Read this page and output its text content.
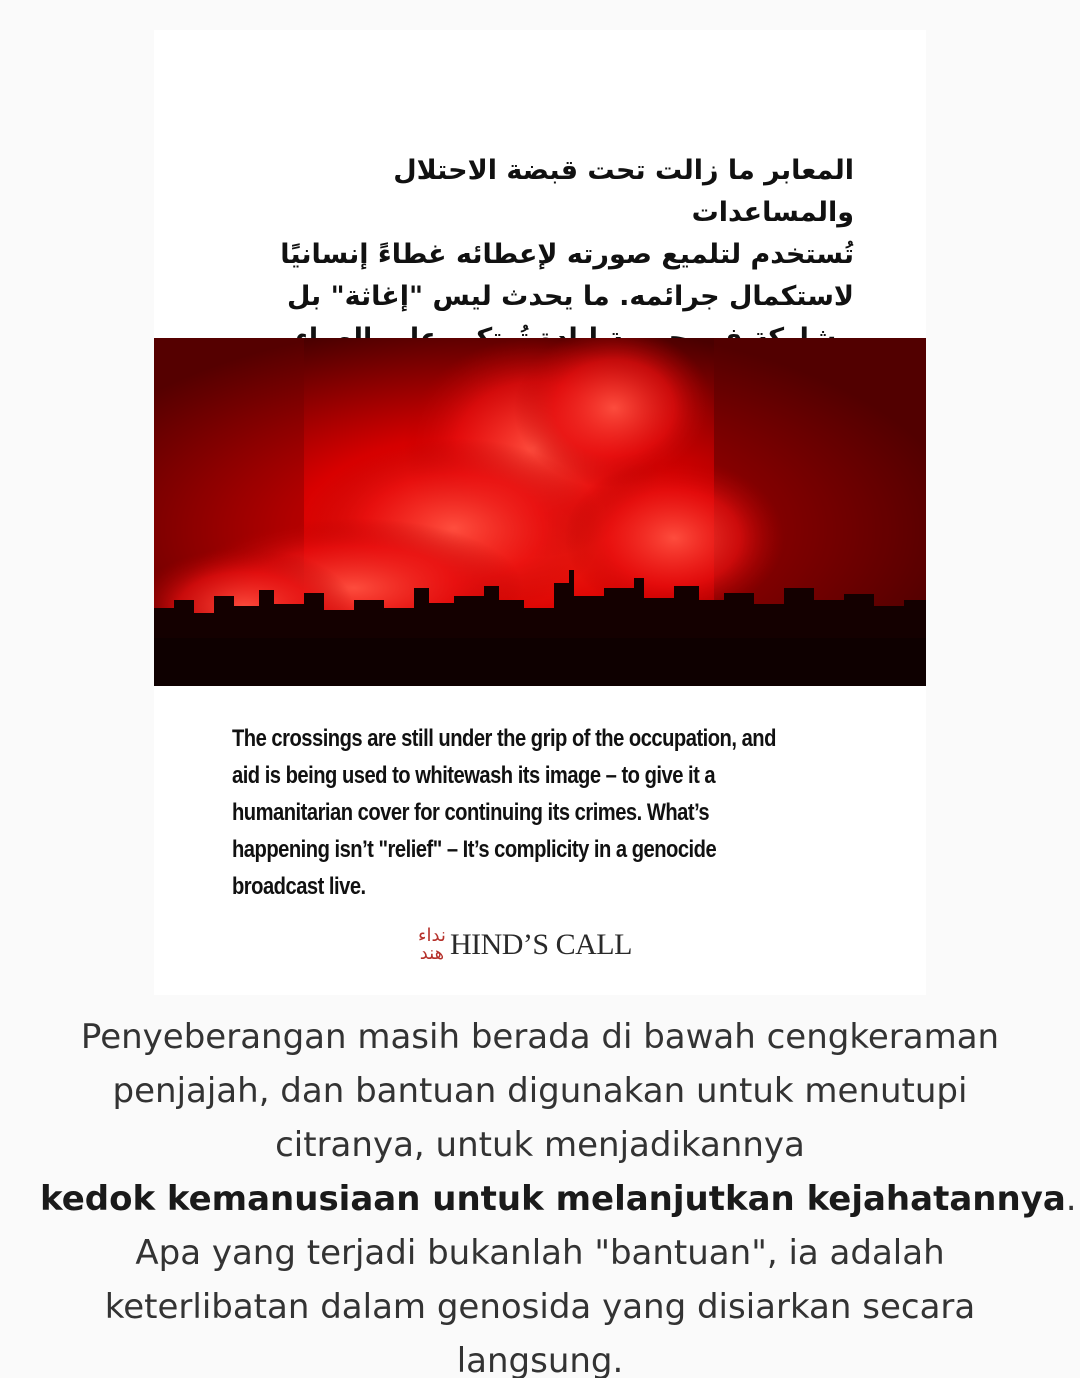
المعابر ما زالت تحت قبضة الاحتلال والمساعدات
تُستخدم لتلميع صورته لإعطائه غطاءً إنسانيًا
لاستكمال جرائمه. ما يحدث ليس "إغاثة" بل
The crossings are still under the grip of the occupation, and
aid is being used to whitewash its image – to give it a
humanitarian cover for continuing its crimes. What’s
happening isn’t "relief" – It’s complicity in a genocide
broadcast live.
نداء
هند HIND’S CALL
Penyeberangan masih berada di bawah cengkeraman
penjajah, dan bantuan digunakan untuk menutupi
citranya, untuk menjadikannya
kedok kemanusiaan untuk melanjutkan kejahatannya.
Apa yang terjadi bukanlah "bantuan", ia adalah
keterlibatan dalam genosida yang disiarkan secara
langsung.
